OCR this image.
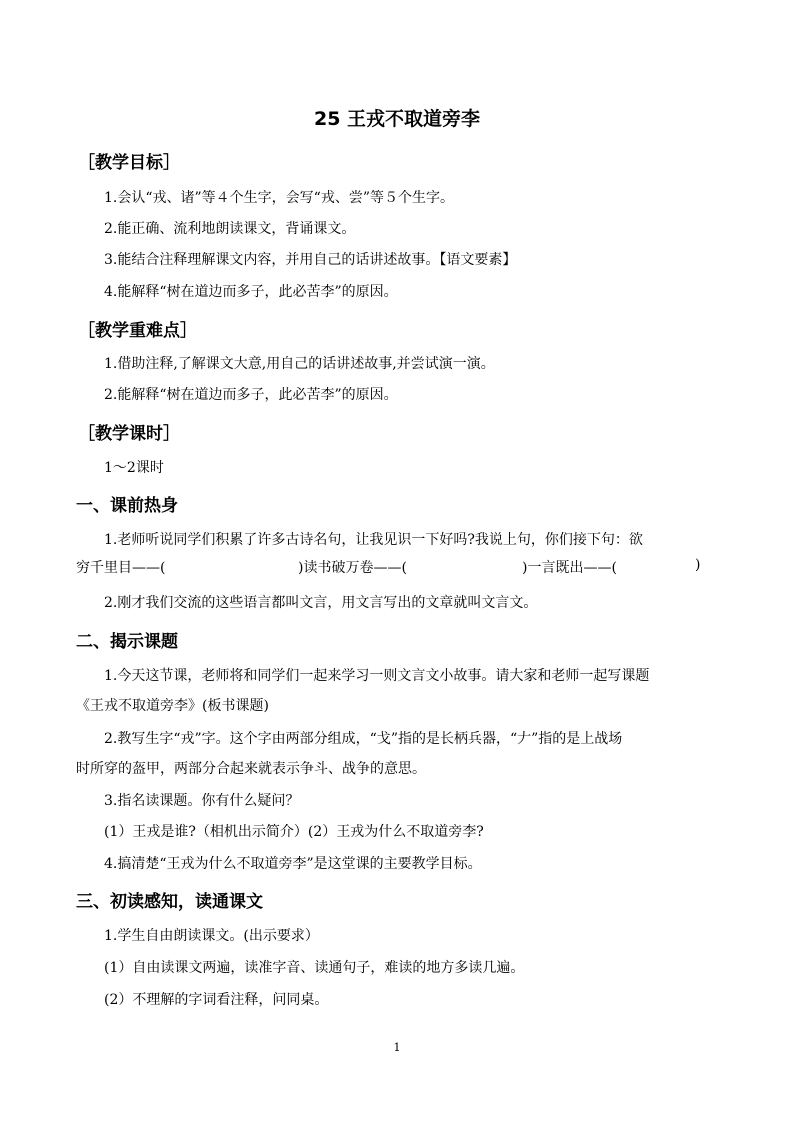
25 王戎不取道旁李
［教学目标］
1.会认“戎、诸”等４个生字，会写“戎、尝”等５个生字。
2.能正确、流利地朗读课文，背诵课文。
3.能结合注释理解课文内容，并用自己的话讲述故事。【语文要素】
4.能解释“树在道边而多子，此必苦李”的原因。
［教学重难点］
1.借助注释,了解课文大意,用自己的话讲述故事,并尝试演一演。
2.能解释“树在道边而多子，此必苦李”的原因。
［教学课时］
1～2课时
一、课前热身
1.老师听说同学们积累了许多古诗名句，让我见识一下好吗?我说上句，你们接下句：欲
穷千里目——(	)读书破万卷——(	)一言既出——(	)
2.刚才我们交流的这些语言都叫文言，用文言写出的文章就叫文言文。
二、揭示课题
1.今天这节课，老师将和同学们一起来学习一则文言文小故事。请大家和老师一起写课题
《王戎不取道旁李》(板书课题)
2.教写生字“戎”字。这个字由两部分组成，“戈”指的是长柄兵器，“𠂇”指的是上战场
时所穿的盔甲，两部分合起来就表示争斗、战争的意思。
3.指名读课题。你有什么疑问？
(1）王戎是谁?（相机出示简介）(2）王戎为什么不取道旁李?
4.搞清楚“王戎为什么不取道旁李”是这堂课的主要教学目标。
三、初读感知，读通课文
1.学生自由朗读课文。(出示要求）
(1）自由读课文两遍，读准字音、读通句子，难读的地方多读几遍。
(2）不理解的字词看注释，问同桌。
1
